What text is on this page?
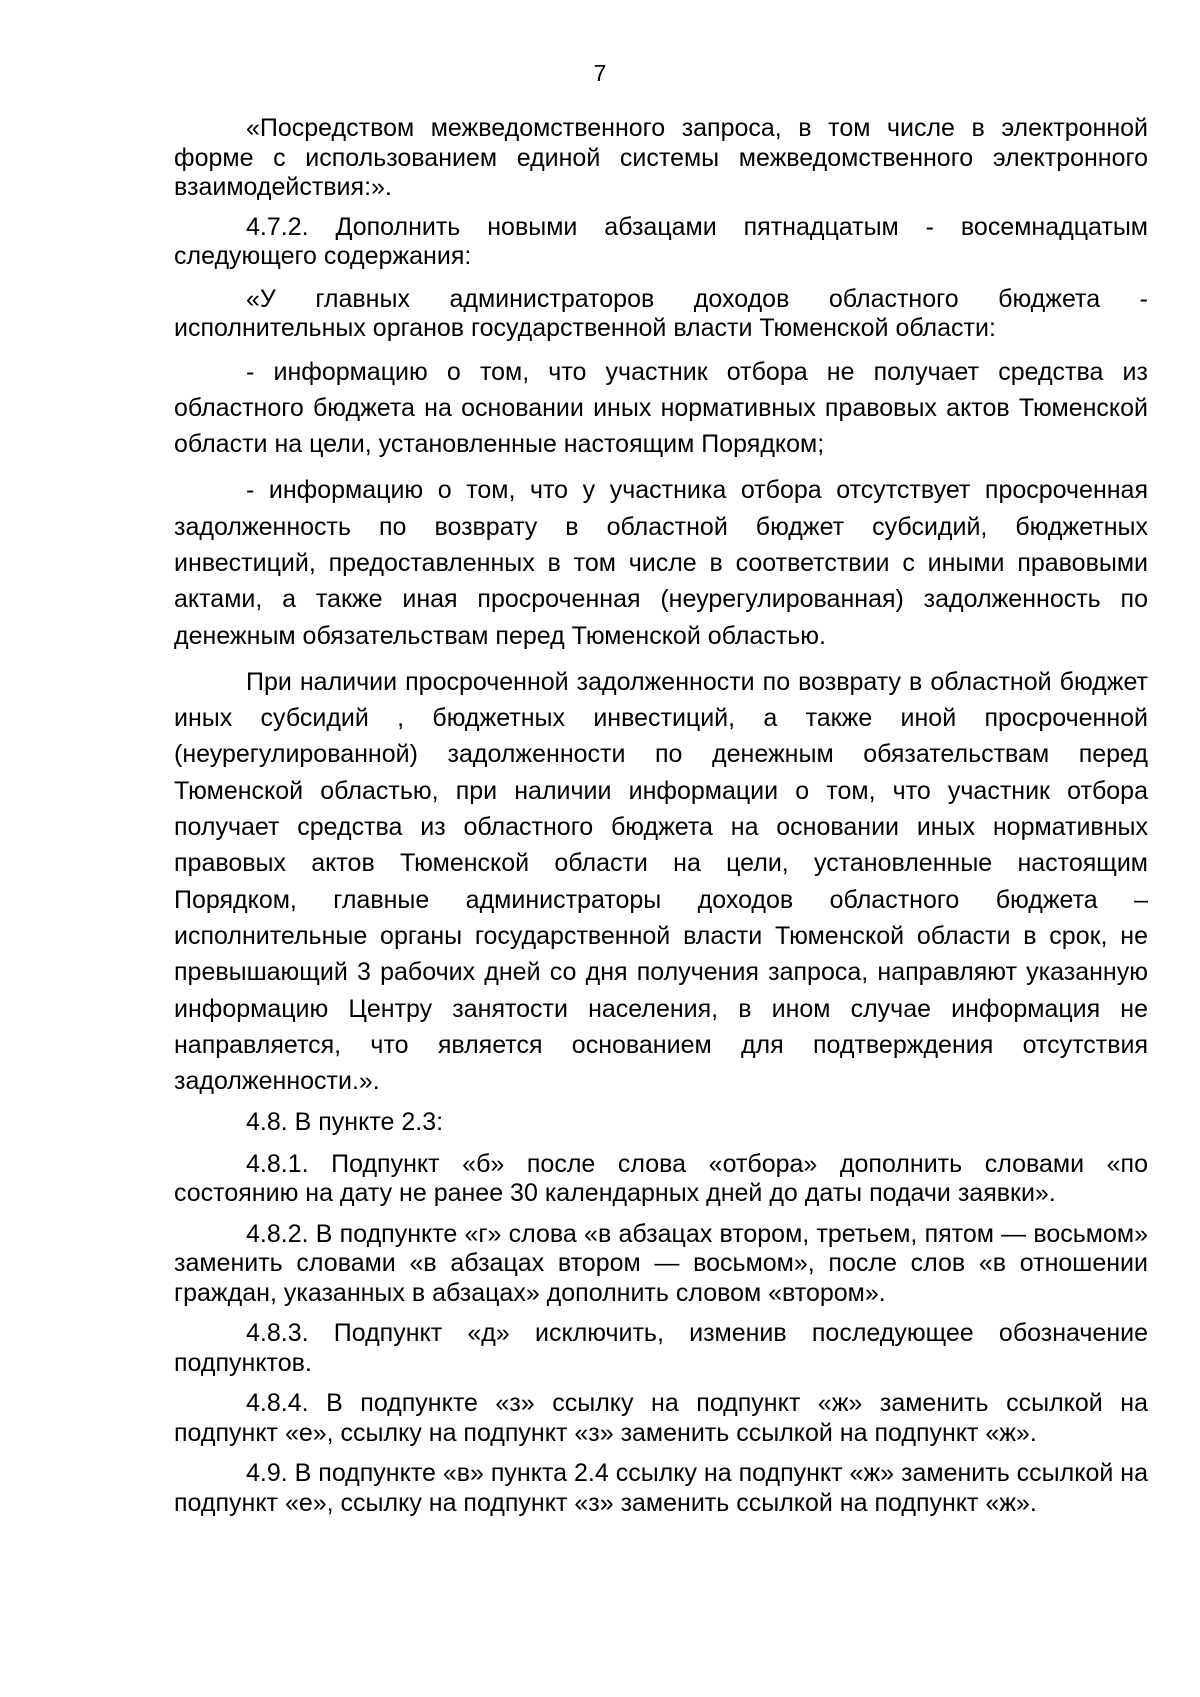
7

«Посредством межведомственного запроса, в том числе в электронной форме с использованием единой системы межведомственного электронного взаимодействия:».

4.7.2. Дополнить новыми абзацами пятнадцатым - восемнадцатым следующего содержания:

«У главных администраторов доходов областного бюджета - исполнительных органов государственной власти Тюменской области:

- информацию о том, что участник отбора не получает средства из областного бюджета на основании иных нормативных правовых актов Тюменской области на цели, установленные настоящим Порядком;

- информацию о том, что у участника отбора отсутствует просроченная задолженность по возврату в областной бюджет субсидий, бюджетных инвестиций, предоставленных в том числе в соответствии с иными правовыми актами, а также иная просроченная (неурегулированная) задолженность по денежным обязательствам перед Тюменской областью.

При наличии просроченной задолженности по возврату в областной бюджет иных субсидий , бюджетных инвестиций, а также иной просроченной (неурегулированной) задолженности по денежным обязательствам перед Тюменской областью, при наличии информации о том, что участник отбора получает средства из областного бюджета на основании иных нормативных правовых актов Тюменской области на цели, установленные настоящим Порядком, главные администраторы доходов областного бюджета – исполнительные органы государственной власти Тюменской области в срок, не превышающий 3 рабочих дней со дня получения запроса, направляют указанную информацию Центру занятости населения, в ином случае информация не направляется, что является основанием для подтверждения отсутствия задолженности.».

4.8. В пункте 2.3:

4.8.1. Подпункт «б» после слова «отбора» дополнить словами «по состоянию на дату не ранее 30 календарных дней до даты подачи заявки».

4.8.2. В подпункте «г» слова «в абзацах втором, третьем, пятом — восьмом» заменить словами «в абзацах втором — восьмом», после слов «в отношении граждан, указанных в абзацах» дополнить словом «втором».

4.8.3. Подпункт «д» исключить, изменив последующее обозначение подпунктов.

4.8.4. В подпункте «з» ссылку на подпункт «ж» заменить ссылкой на подпункт «е», ссылку на подпункт «з» заменить ссылкой на подпункт «ж».

4.9. В подпункте «в» пункта 2.4 ссылку на подпункт «ж» заменить ссылкой на подпункт «е», ссылку на подпункт «з» заменить ссылкой на подпункт «ж».
